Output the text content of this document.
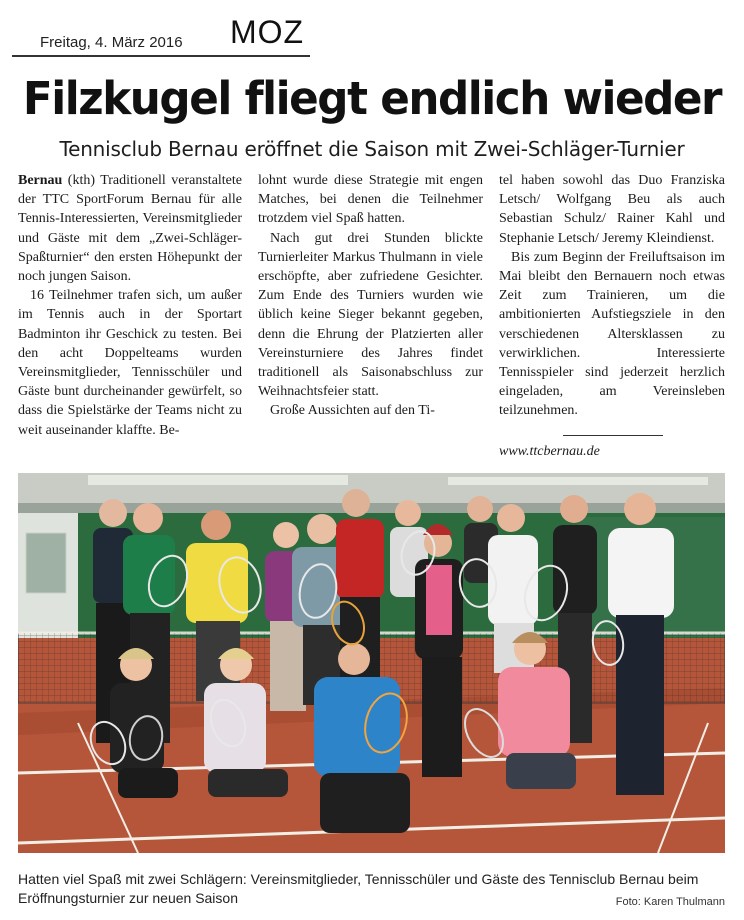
Freitag, 4. März 2016 MOZ
Filzkugel fliegt endlich wieder
Tennisclub Bernau eröffnet die Saison mit Zwei-Schläger-Turnier

Bernau (kth) Traditionell veranstaltete der TTC SportForum Bernau für alle Tennis-Interessierten, Vereinsmitglieder und Gäste mit dem „Zwei-Schläger-Spaßturnier“ den ersten Höhepunkt der noch jungen Saison.

16 Teilnehmer trafen sich, um außer im Tennis auch in der Sportart Badminton ihr Geschick zu testen. Bei den acht Doppelteams wurden Vereinsmitglieder, Tennisschüler und Gäste bunt durcheinander gewürfelt, so dass die Spielstärke der Teams nicht zu weit auseinander klaffte. Be-

lohnt wurde diese Strategie mit engen Matches, bei denen die Teilnehmer trotzdem viel Spaß hatten.

Nach gut drei Stunden blickte Turnierleiter Markus Thulmann in viele erschöpfte, aber zufriedene Gesichter. Zum Ende des Turniers wurden wie üblich keine Sieger bekannt gegeben, denn die Ehrung der Platzierten aller Vereinsturniere des Jahres findet traditionell als Saisonabschluss zur Weihnachtsfeier statt.

Große Aussichten auf den Ti-

tel haben sowohl das Duo Franziska Letsch/ Wolfgang Beu als auch Sebastian Schulz/ Rainer Kahl und Stephanie Letsch/ Jeremy Kleindienst.

Bis zum Beginn der Freiluftsaison im Mai bleibt den Bernauern noch etwas Zeit zum Trainieren, um die ambitionierten Aufstiegsziele in den verschiedenen Altersklassen zu verwirklichen. Interessierte Tennisspieler sind jederzeit herzlich eingeladen, am Vereinsleben teilzunehmen.

www.ttcbernau.de

Hatten viel Spaß mit zwei Schlägern: Vereinsmitglieder, Tennisschüler und Gäste des Tennisclub Bernau beim Eröffnungsturnier zur neuen Saison	Foto: Karen Thulmann
